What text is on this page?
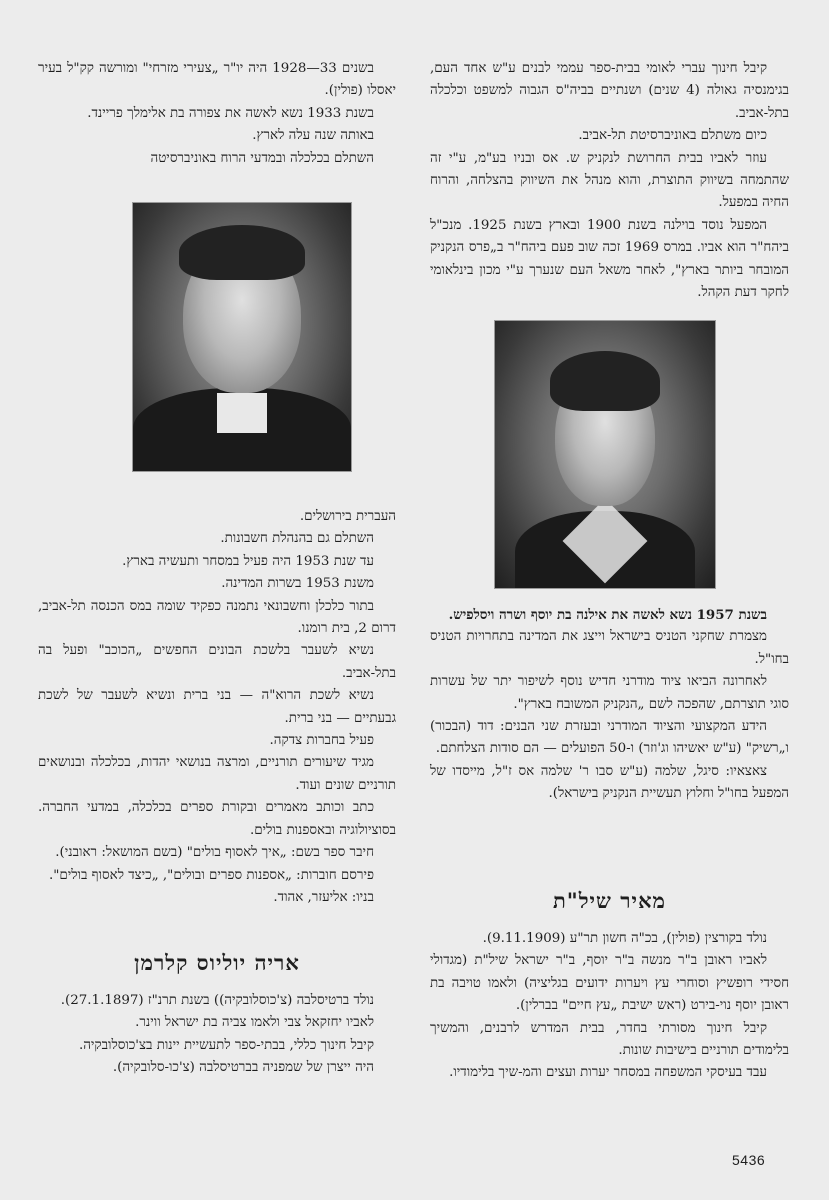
קיבל חינוך עברי לאומי בבית-ספר עממי לבנים ע"ש אחד העם, בגימנסיה גאולה (4 שנים) ושנתיים בביה"ס הגבוה למשפט וכלכלה בתל-אביב.

כיום משתלם באוניברסיטת תל-אביב.

עוזר לאביו בבית החרושת לנקניק ש. אס ובניו בע"מ, ע"י זה שהתמחה בשיווק התוצרת, והוא מנהל את השיווק בהצלחה, והרוח החיה במפעל.

המפעל נוסד בוילנה בשנת 1900 ובארץ בשנת 1925. מנכ"ל ביהח"ר הוא אביו. במרס 1969 זכה שוב פעם ביהח"ר ב„פרס הנקניק המובחר ביותר בארץ", לאחר משאל העם שנערך ע"י מכון בינלאומי לחקר דעת הקהל.

בשנת 1957 נשא לאשה את אילנה בת יוסף ושרה ויסלפיש.

מצמרת שחקני הטניס בישראל וייצג את המדינה בתחרויות הטניס בחו"ל.

לאחרונה הביאו ציוד מודרני חדיש נוסף לשיפור יתר של עשרות סוגי תוצרתם, שהפכה לשם „הנקניק המשובח בארץ".

הידע המקצועי והציוד המודרני ובעזרת שני הבנים: דוד (הבכור) ו„רשיק" (ע"ש יאשיהו וג'וזר) ו-50 הפועלים — הם סודות הצלחתם.

צאצאיו: סיגל, שלמה (ע"ש סבו ר' שלמה אס ז"ל, מייסדו של המפעל בחו"ל וחלוץ תעשיית הנקניק בישראל).

מאיר שיל"ת

נולד בקורצין (פולין), בכ"ה חשון תר"ע (9.11.1909).

לאביו ראובן ב"ר מנשה ב"ר יוסף, ב"ר ישראל שיל"ת (מגדולי חסידי רופשיץ וסוחרי עץ ויערות ידועים בגליציה) ולאמו טויבה בת ראובן יוסף נוי-בירט (ראש ישיבת „עץ חיים" בברלין).

קיבל חינוך מסורתי בחדר, בבית המדרש לרבנים, והמשיך בלימודים תורניים בישיבות שונות.

עבד בעיסקי המשפחה במסחר יערות ועצים והמ-שיך בלימודיו.

בשנים 33—1928 היה יו"ר „צעירי מזרחי" ומורשה קק"ל בעיר יאסלו (פולין).

בשנת 1933 נשא לאשה את צפורה בת אלימלך פריינד.

באותה שנה עלה לארץ.

השתלם בכלכלה ובמדעי הרוח באוניברסיטה

העברית בירושלים.

השתלם גם בהנהלת חשבונות.

עד שנת 1953 היה פעיל במסחר ותעשיה בארץ.

משנת 1953 בשרות המדינה.

בתור כלכלן וחשבונאי נתמנה כפקיד שומה במס הכנסה תל-אביב, דרום 2, בית רומנו.

נשיא לשעבר בלשכת הבונים החפשים „הכוכב" ופעל בה בתל-אביב.

נשיא לשכת הרוא"ה — בני ברית ונשיא לשעבר של לשכת גבעתיים — בני ברית.

פעיל בחברות צדקה.

מגיד שיעורים תורניים, ומרצה בנושאי יהדות, בכלכלה ובנושאים תורניים שונים ועוד.

כתב וכותב מאמרים ובקורת ספרים בכלכלה, במדעי החברה. בסוציולוגיה ובאספנות בולים.

חיבר ספר בשם: „איך לאסוף בולים" (בשם המושאל: ראובני).

פירסם חוברות: „אספנות ספרים ובולים", „כיצד לאסוף בולים".

בניו: אליעזר, אהוד.

אריה יוליוס קלרמן

נולד ברטיסלבה (צ'כוסלובקיה)) בשנת תרנ"ז (27.1.1897).

לאביו יחזקאל צבי ולאמו צביה בת ישראל ווינר.

קיבל חינוך כללי, בבתי-ספר לתעשיית יינות בצ'כוסלובקיה.

היה ייצרן של שמפניה בברטיסלבה (צ'כו-סלובקיה).

5436
